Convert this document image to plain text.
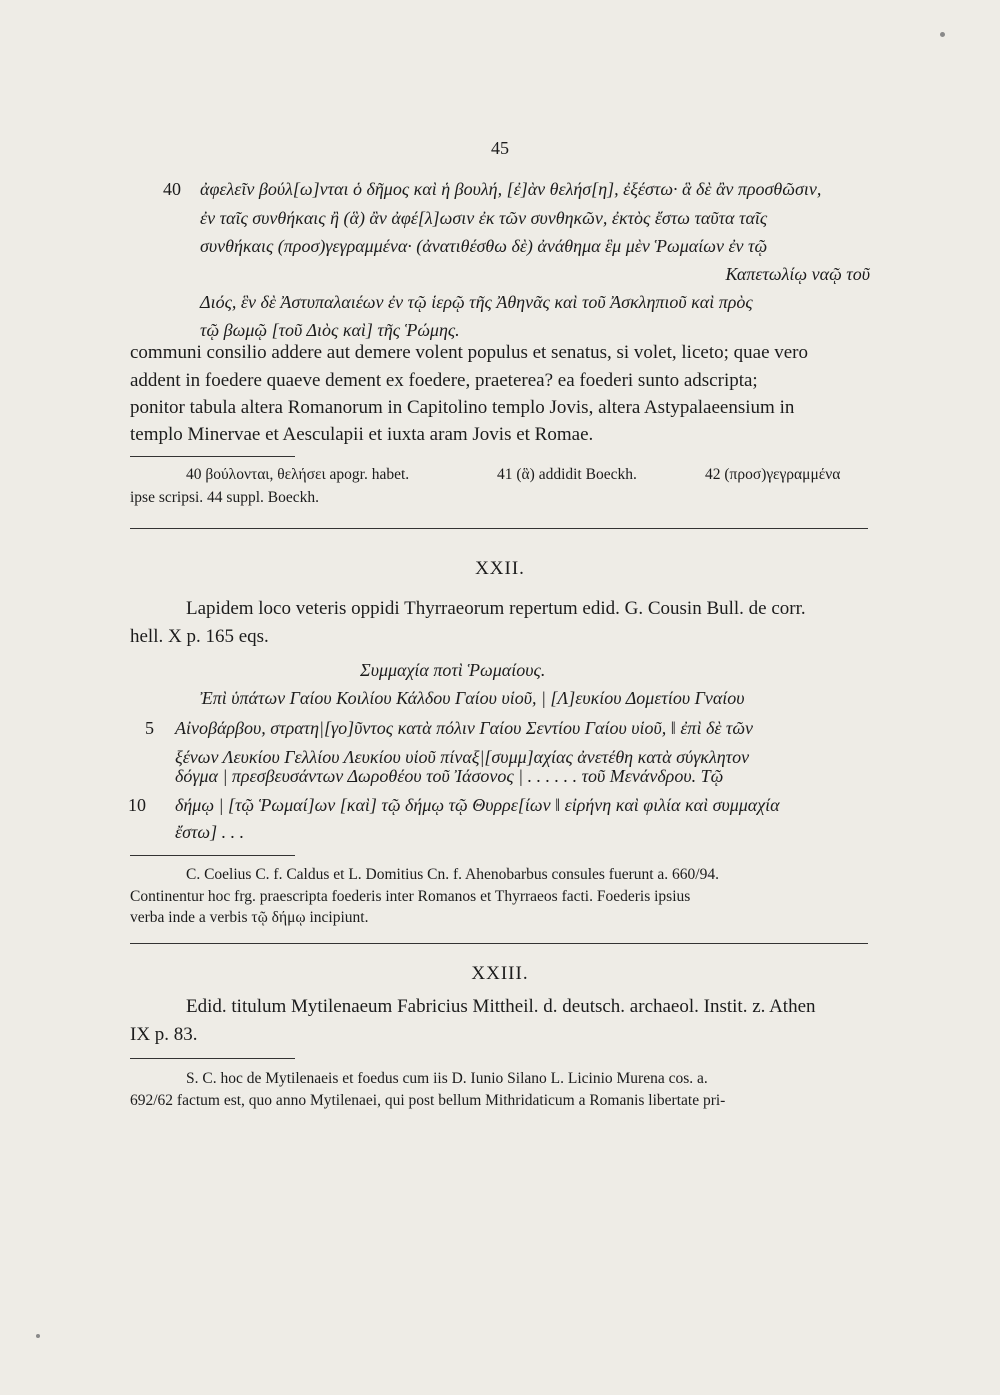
45
40 ἀφελεῖν βούλ[ω]νται ὁ δῆμος καὶ ἡ βουλή, [ἐ]ὰν θελήσ[η], ἐξέστω· ἃ δὲ ἂν προσθῶσιν,
ἐν ταῖς συνθήκαις ἢ (ἃ) ἂν ἀφέ[λ]ωσιν ἐκ τῶν συνθηκῶν, ἐκτὸς ἔστω ταῦτα ταῖς
συνθήκαις (προσ)γεγραμμένα· (ἀνατιθέσθω δὲ) ἀνάθημα ἓμ μὲν Ῥωμαίων ἐν τῷ
Καπετωλίῳ ναῷ τοῦ
Διός, ἓν δὲ Ἀστυπαλαιέων ἐν τῷ ἱερῷ τῆς Ἀθηνᾶς καὶ τοῦ Ἀσκληπιοῦ καὶ πρὸς
τῷ βωμῷ [τοῦ Διὸς καὶ] τῆς Ῥώμης.
communi consilio addere aut demere volent populus et senatus, si volet, liceto; quae vero
addent in foedere quaeve dement ex foedere, praeterea? ea foederi sunto adscripta;
ponitor tabula altera Romanorum in Capitolino templo Jovis, altera Astypalaeensium in
templo Minervae et Aesculapii et iuxta aram Jovis et Romae.
40 βούλονται, θελήσει apogr. habet.	41 (ἃ) addidit Boeckh.	42 (προσ)γεγραμμένα
ipse scripsi. 44 suppl. Boeckh.
XXII.
Lapidem loco veteris oppidi Thyrraeorum repertum edid. G. Cousin Bull. de corr.
hell. X p. 165 eqs.
Συμμαχία ποτὶ Ῥωμαίους.
Ἐπὶ ὑπάτων Γαίου Κοιλίου Κάλδου Γαίου υἱοῦ, | [Λ]ευκίου Δομετίου Γναίου
5 Αἰνοβάρβου, στρατη|[γο]ῦντος κατὰ πόλιν Γαίου Σεντίου Γαίου υἱοῦ, ‖ ἐπὶ δὲ τῶν
ξένων Λευκίου Γελλίου Λευκίου υἱοῦ πίναξ|[συμμ]αχίας ἀνετέθη κατὰ σύγκλητον
δόγμα | πρεσβευσάντων Δωροθέου τοῦ Ἰάσονος | . . . . . . τοῦ Μενάνδρου. Τῷ
10 δήμῳ | [τῷ Ῥωμαί]ων [καὶ] τῷ δήμῳ τῷ Θυρρε[ίων ‖ εἰρήνη καὶ φιλία καὶ συμμαχία
ἔστω] . . .
C. Coelius C. f. Caldus et L. Domitius Cn. f. Ahenobarbus consules fuerunt a. 660/94.
Continentur hoc frg. praescripta foederis inter Romanos et Thyrraeos facti. Foederis ipsius
verba inde a verbis τῷ δήμῳ incipiunt.
XXIII.
Edid. titulum Mytilenaeum Fabricius Mittheil. d. deutsch. archaeol. Instit. z. Athen
IX p. 83.
S. C. hoc de Mytilenaeis et foedus cum iis D. Iunio Silano L. Licinio Murena cos. a.
692/62 factum est, quo anno Mytilenaei, qui post bellum Mithridaticum a Romanis libertate pri-
